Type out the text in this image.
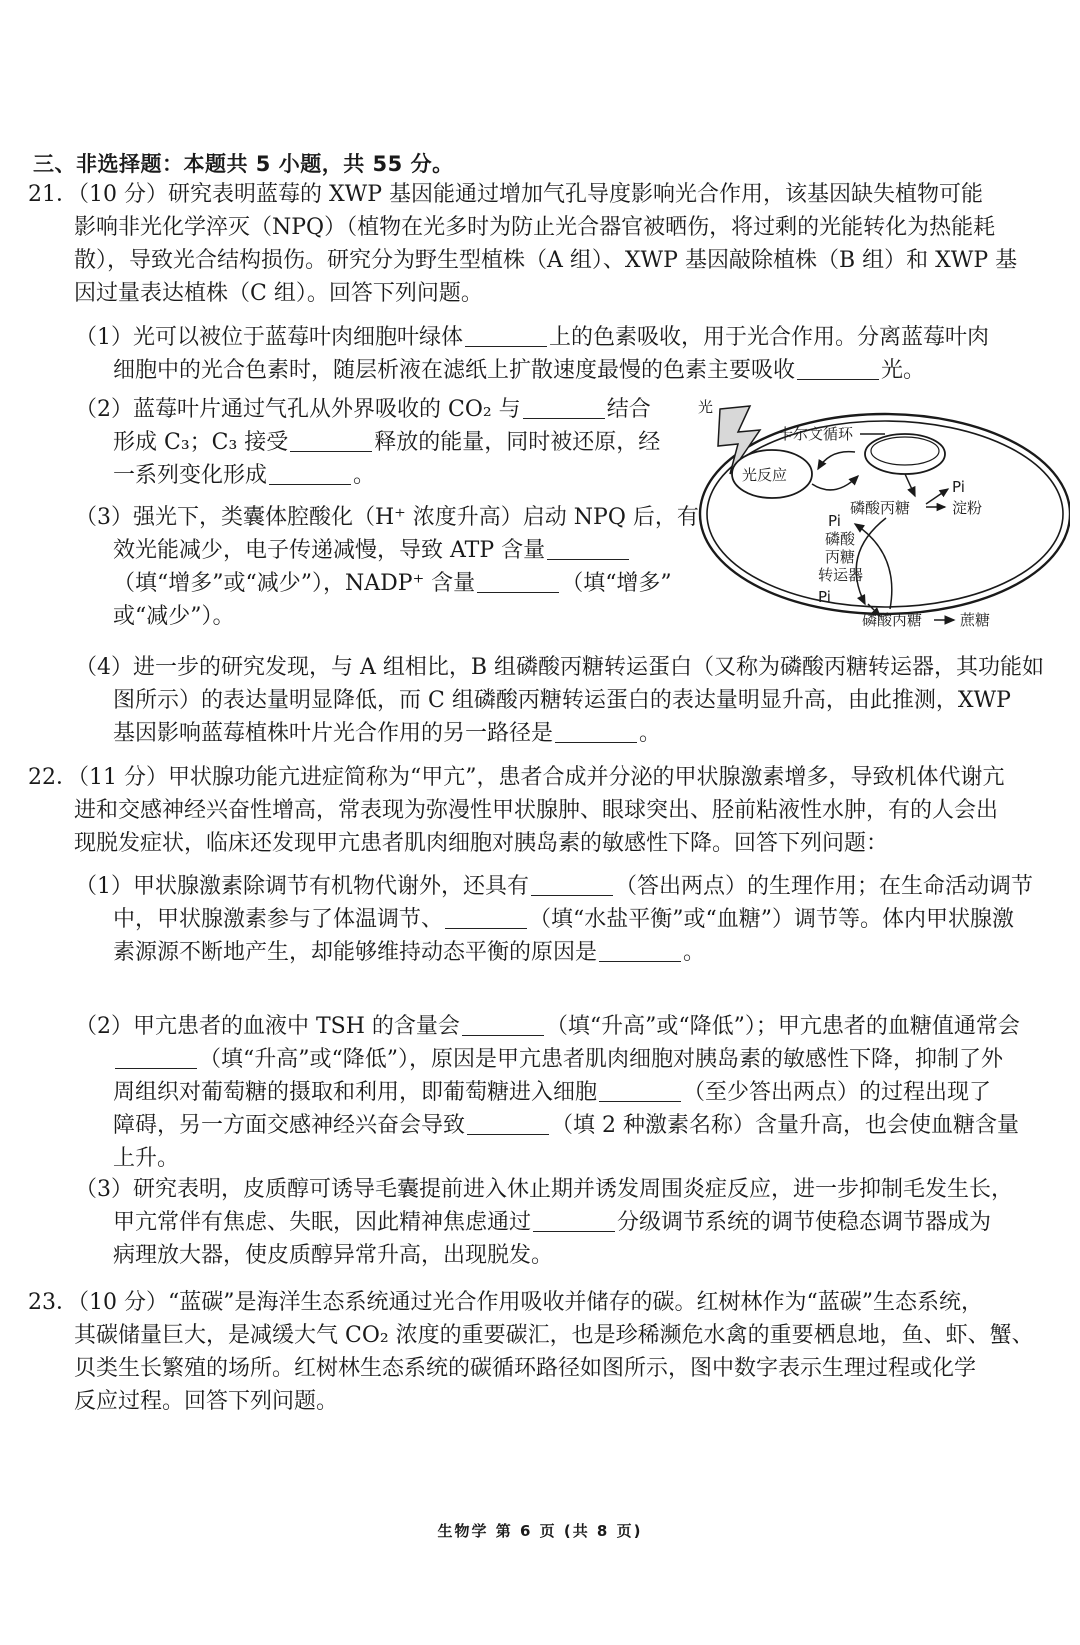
三、非选择题：本题共 5 小题，共 55 分。
21．（10 分）研究表明蓝莓的 XWP 基因能通过增加气孔导度影响光合作用，该基因缺失植物可能
影响非光化学淬灭（NPQ）（植物在光多时为防止光合器官被晒伤，将过剩的光能转化为热能耗
散），导致光合结构损伤。研究分为野生型植株（A 组）、XWP 基因敲除植株（B 组）和 XWP 基
因过量表达植株（C 组）。回答下列问题。
（1）光可以被位于蓝莓叶肉细胞叶绿体	上的色素吸收，用于光合作用。分离蓝莓叶肉
细胞中的光合色素时，随层析液在滤纸上扩散速度最慢的色素主要吸收	光。
（2）蓝莓叶片通过气孔从外界吸收的 CO₂ 与	结合
形成 C₃；C₃ 接受	释放的能量，同时被还原，经
一系列变化形成	。
（3）强光下，类囊体腔酸化（H⁺ 浓度升高）启动 NPQ 后，有
效光能减少，电子传递减慢，导致 ATP 含量
（填“增多”或“减少”），NADP⁺ 含量	（填“增多”
或“减少”）。
光
光反应
卡尔文循环
磷酸丙糖
Pi
淀粉
Pi
磷酸
丙糖
转运器
Pi
磷酸丙糖	蔗糖
（4）进一步的研究发现，与 A 组相比，B 组磷酸丙糖转运蛋白（又称为磷酸丙糖转运器，其功能如
图所示）的表达量明显降低，而 C 组磷酸丙糖转运蛋白的表达量明显升高，由此推测，XWP
基因影响蓝莓植株叶片光合作用的另一路径是	。
22．（11 分）甲状腺功能亢进症简称为“甲亢”，患者合成并分泌的甲状腺激素增多，导致机体代谢亢
进和交感神经兴奋性增高，常表现为弥漫性甲状腺肿、眼球突出、胫前粘液性水肿，有的人会出
现脱发症状，临床还发现甲亢患者肌肉细胞对胰岛素的敏感性下降。回答下列问题：
（1）甲状腺激素除调节有机物代谢外，还具有	（答出两点）的生理作用；在生命活动调节
中，甲状腺激素参与了体温调节、	（填“水盐平衡”或“血糖”）调节等。体内甲状腺激
素源源不断地产生，却能够维持动态平衡的原因是	。
（2）甲亢患者的血液中 TSH 的含量会	（填“升高”或“降低”）；甲亢患者的血糖值通常会
（填“升高”或“降低”），原因是甲亢患者肌肉细胞对胰岛素的敏感性下降，抑制了外
周组织对葡萄糖的摄取和利用，即葡萄糖进入细胞	（至少答出两点）的过程出现了
障碍，另一方面交感神经兴奋会导致	（填 2 种激素名称）含量升高，也会使血糖含量
上升。
（3）研究表明，皮质醇可诱导毛囊提前进入休止期并诱发周围炎症反应，进一步抑制毛发生长，
甲亢常伴有焦虑、失眠，因此精神焦虑通过	分级调节系统的调节使稳态调节器成为
病理放大器，使皮质醇异常升高，出现脱发。
23．（10 分）“蓝碳”是海洋生态系统通过光合作用吸收并储存的碳。红树林作为“蓝碳”生态系统，
其碳储量巨大，是减缓大气 CO₂ 浓度的重要碳汇，也是珍稀濒危水禽的重要栖息地，鱼、虾、蟹、
贝类生长繁殖的场所。红树林生态系统的碳循环路径如图所示，图中数字表示生理过程或化学
反应过程。回答下列问题。
生物学 第 6 页 (共 8 页)
